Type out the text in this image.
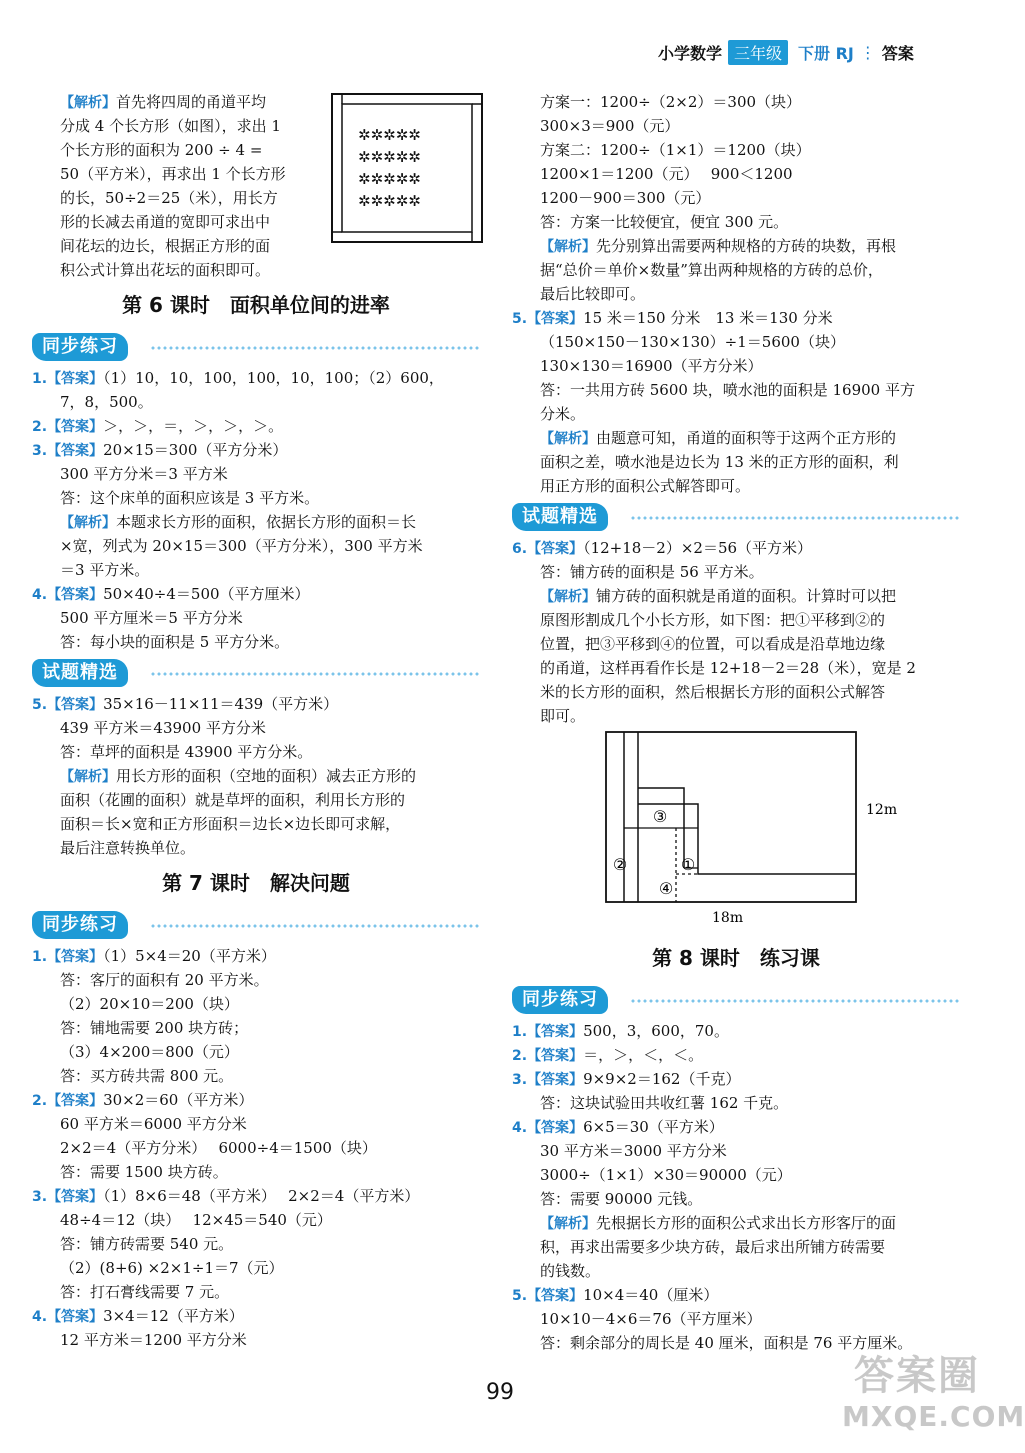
小学数学 三年级	下册 RJ ⋮ 答案
✲✲✲✲✲
✲✲✲✲✲
✲✲✲✲✲
✲✲✲✲✲
【解析】首先将四周的甬道平均
分成 4 个长方形（如图），求出 1
个长方形的面积为 200 ÷ 4 =
50（平方米），再求出 1 个长方形
的长，50÷2＝25（米），用长方
形的长减去甬道的宽即可求出中
间花坛的边长，根据正方形的面
积公式计算出花坛的面积即可。
第 6 课时 面积单位间的进率
同步练习
1.【答案】（1）10，10，100，100，10，100；（2）600，
7，8，500。
2.【答案】＞，＞，＝，＞，＞，＞。
3.【答案】20×15＝300（平方分米）
300 平方分米＝3 平方米
答：这个床单的面积应该是 3 平方米。
【解析】本题求长方形的面积，依据长方形的面积＝长
×宽，列式为 20×15＝300（平方分米），300 平方米
＝3 平方米。
4.【答案】50×40÷4＝500（平方厘米）
500 平方厘米＝5 平方分米
答：每小块的面积是 5 平方分米。
试题精选
5.【答案】35×16－11×11＝439（平方米）
439 平方米＝43900 平方分米
答：草坪的面积是 43900 平方分米。
【解析】用长方形的面积（空地的面积）减去正方形的
面积（花圃的面积）就是草坪的面积，利用长方形的
面积＝长×宽和正方形面积＝边长×边长即可求解，
最后注意转换单位。
第 7 课时 解决问题
同步练习
1.【答案】（1）5×4＝20（平方米）
答：客厅的面积有 20 平方米。
（2）20×10＝200（块）
答：铺地需要 200 块方砖；
（3）4×200＝800（元）
答：买方砖共需 800 元。
2.【答案】30×2＝60（平方米）
60 平方米＝6000 平方分米
2×2＝4（平方分米）　 6000÷4＝1500（块）
答：需要 1500 块方砖。
3.【答案】（1）8×6＝48（平方米）　 2×2＝4（平方米）
48÷4＝12（块）　 12×45＝540（元）
答：铺方砖需要 540 元。
（2）(8+6) ×2×1÷1＝7（元）
答：打石膏线需要 7 元。
4.【答案】3×4＝12（平方米）
12 平方米＝1200 平方分米
方案一：1200÷（2×2）＝300（块）
300×3＝900（元）
方案二：1200÷（1×1）＝1200（块）
1200×1＝1200（元）　 900＜1200
1200－900＝300（元）
答：方案一比较便宜，便宜 300 元。
【解析】先分别算出需要两种规格的方砖的块数，再根
据“总价＝单价×数量”算出两种规格的方砖的总价，
最后比较即可。
5.【答案】15 米＝150 分米　13 米＝130 分米
（150×150－130×130）÷1＝5600（块）
130×130＝16900（平方分米）
答：一共用方砖 5600 块，喷水池的面积是 16900 平方
分米。
【解析】由题意可知，甬道的面积等于这两个正方形的
面积之差，喷水池是边长为 13 米的正方形的面积，利
用正方形的面积公式解答即可。
试题精选
6.【答案】（12+18－2）×2＝56（平方米）
答：铺方砖的面积是 56 平方米。
【解析】铺方砖的面积就是甬道的面积。计算时可以把
原图形割成几个小长方形，如下图：把①平移到②的
位置，把③平移到④的位置，可以看成是沿草地边缘
的甬道，这样再看作长是 12+18－2＝28（米），宽是 2
米的长方形的面积，然后根据长方形的面积公式解答
即可。
③
②	①
④
12m
18m
第 8 课时 练习课
同步练习
1.【答案】500，3，600，70。
2.【答案】＝，＞，＜，＜。
3.【答案】9×9×2＝162（千克）
答：这块试验田共收红薯 162 千克。
4.【答案】6×5＝30（平方米）
30 平方米＝3000 平方分米
3000÷（1×1）×30＝90000（元）
答：需要 90000 元钱。
【解析】先根据长方形的面积公式求出长方形客厅的面
积，再求出需要多少块方砖，最后求出所铺方砖需要
的钱数。
5.【答案】10×4＝40（厘米）
10×10－4×6＝76（平方厘米）
答：剩余部分的周长是 40 厘米，面积是 76 平方厘米。
99	答案圈
MXQE.COM
